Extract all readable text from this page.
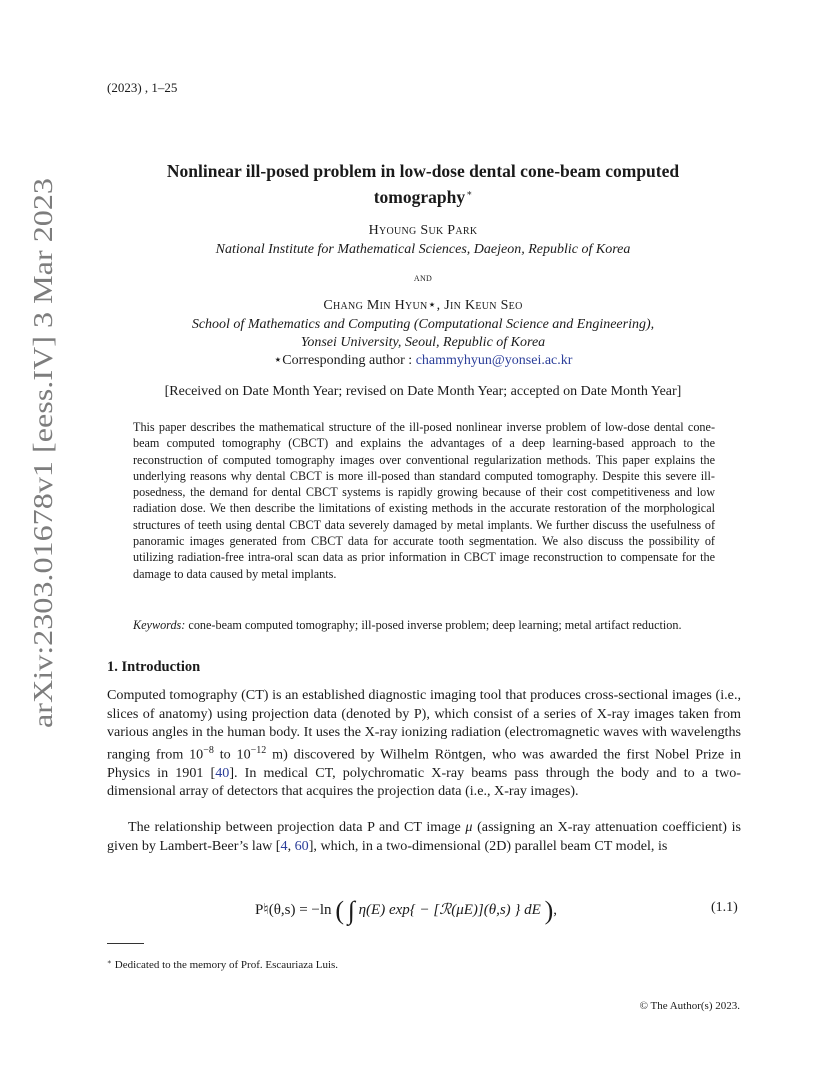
(2023) , 1–25
arXiv:2303.01678v1 [eess.IV] 3 Mar 2023
Nonlinear ill-posed problem in low-dose dental cone-beam computed tomography∗
Hyoung Suk Park
National Institute for Mathematical Sciences, Daejeon, Republic of Korea
and
Chang Min Hyun⋆, Jin Keun Seo
School of Mathematics and Computing (Computational Science and Engineering),
Yonsei University, Seoul, Republic of Korea
⋆Corresponding author : chammyhyun@yonsei.ac.kr
[Received on Date Month Year; revised on Date Month Year; accepted on Date Month Year]
This paper describes the mathematical structure of the ill-posed nonlinear inverse problem of low-dose dental cone-beam computed tomography (CBCT) and explains the advantages of a deep learning-based approach to the reconstruction of computed tomography images over conventional regularization methods. This paper explains the underlying reasons why dental CBCT is more ill-posed than standard computed tomography. Despite this severe ill-posedness, the demand for dental CBCT systems is rapidly growing because of their cost competitiveness and low radiation dose. We then describe the limitations of existing methods in the accurate restoration of the morphological structures of teeth using dental CBCT data severely damaged by metal implants. We further discuss the usefulness of panoramic images generated from CBCT data for accurate tooth segmentation. We also discuss the possibility of utilizing radiation-free intra-oral scan data as prior information in CBCT image reconstruction to compensate for the damage to data caused by metal implants.
Keywords: cone-beam computed tomography; ill-posed inverse problem; deep learning; metal artifact reduction.
1. Introduction
Computed tomography (CT) is an established diagnostic imaging tool that produces cross-sectional images (i.e., slices of anatomy) using projection data (denoted by P), which consist of a series of X-ray images taken from various angles in the human body. It uses the X-ray ionizing radiation (electromagnetic waves with wavelengths ranging from $10^{-8}$ to $10^{-12}$ m) discovered by Wilhelm Röntgen, who was awarded the first Nobel Prize in Physics in 1901 [40]. In medical CT, polychromatic X-ray beams pass through the body and to a two-dimensional array of detectors that acquires the projection data (i.e., X-ray images).
The relationship between projection data P and CT image μ (assigning an X-ray attenuation coefficient) is given by Lambert-Beer’s law [4, 60], which, in a two-dimensional (2D) parallel beam CT model, is
P♮(θ,s) = −ln ( ∫ η(E) exp{ − [ℛ(μE)](θ,s) } dE ),	(1.1)
∗ Dedicated to the memory of Prof. Escauriaza Luis.
© The Author(s) 2023.
